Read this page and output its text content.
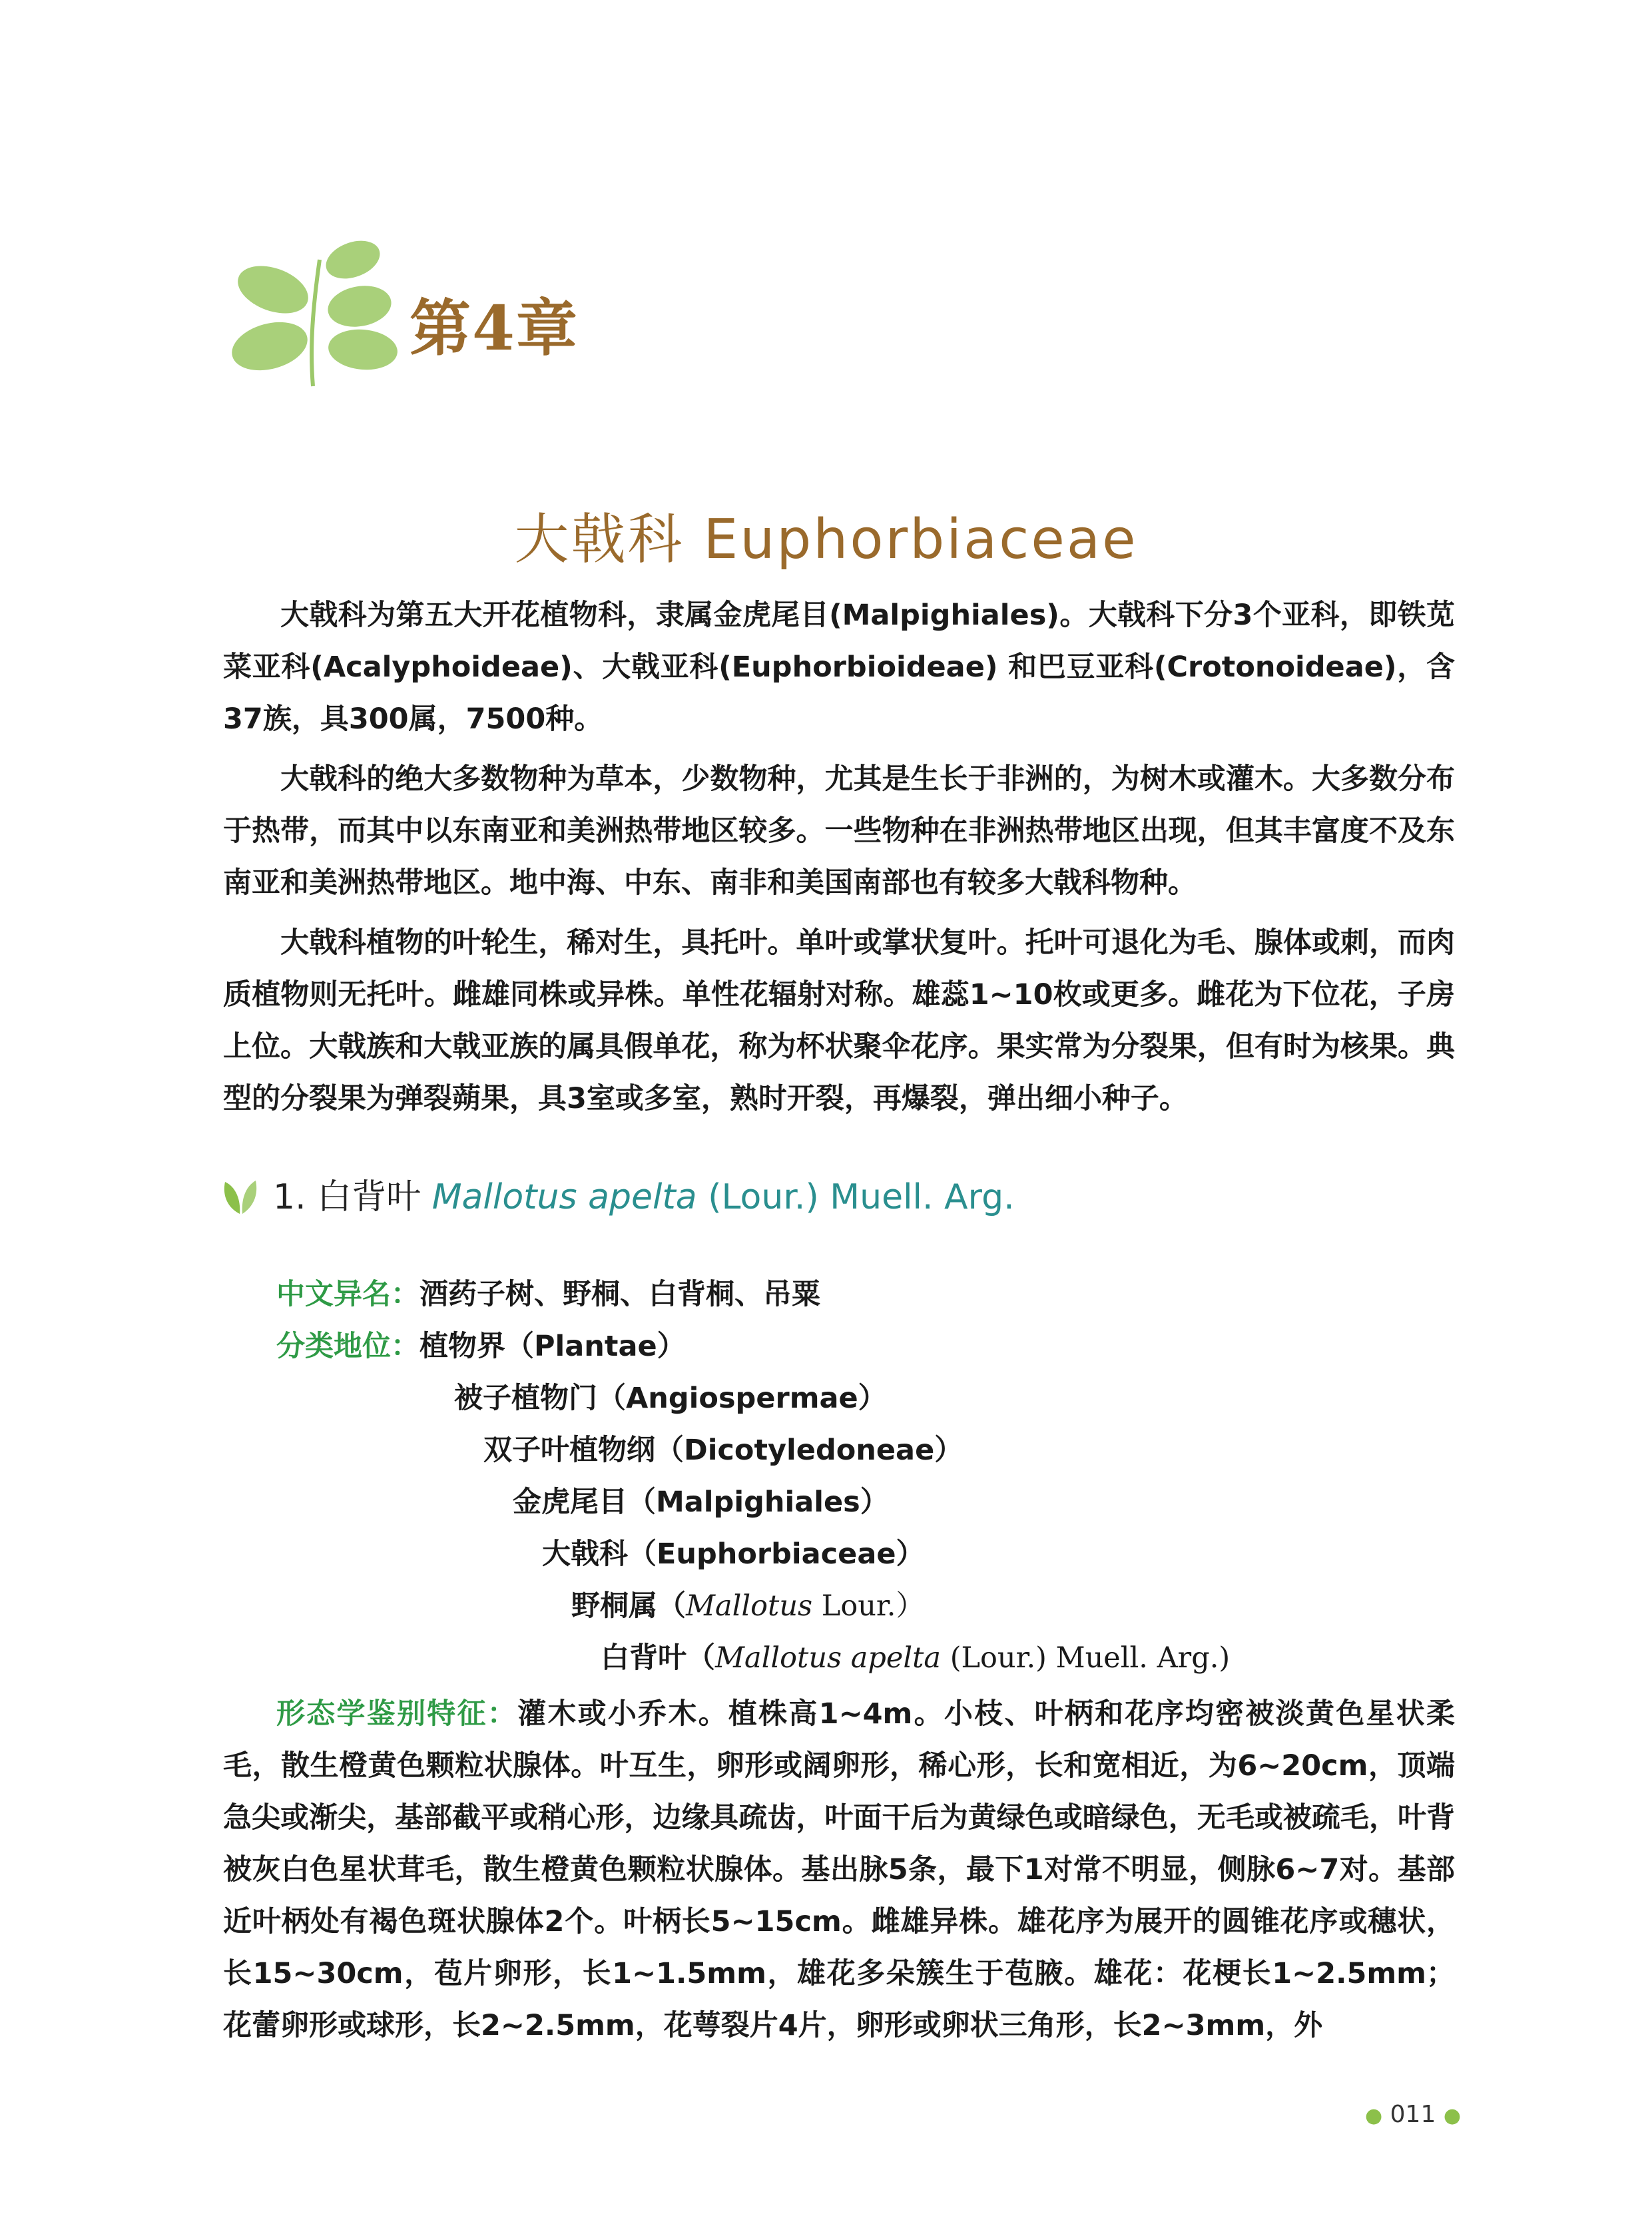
第4章
大戟科 Euphorbiaceae

大戟科为第五大开花植物科，隶属金虎尾目(Malpighiales)。大戟科下分3个亚科，即铁苋菜亚科(Acalyphoideae)、大戟亚科(Euphorbioideae) 和巴豆亚科(Crotonoideae)，含37族，具300属，7500种。

大戟科的绝大多数物种为草本，少数物种，尤其是生长于非洲的，为树木或灌木。大多数分布于热带，而其中以东南亚和美洲热带地区较多。一些物种在非洲热带地区出现，但其丰富度不及东南亚和美洲热带地区。地中海、中东、南非和美国南部也有较多大戟科物种。

大戟科植物的叶轮生，稀对生，具托叶。单叶或掌状复叶。托叶可退化为毛、腺体或刺，而肉质植物则无托叶。雌雄同株或异株。单性花辐射对称。雄蕊1~10枚或更多。雌花为下位花，子房上位。大戟族和大戟亚族的属具假单花，称为杯状聚伞花序。果实常为分裂果，但有时为核果。典型的分裂果为弹裂蒴果，具3室或多室，熟时开裂，再爆裂，弹出细小种子。

1. 白背叶 Mallotus apelta (Lour.) Muell. Arg.
中文异名：酒药子树、野桐、白背桐、吊粟
分类地位：植物界（Plantae）
被子植物门（Angiospermae）
双子叶植物纲（Dicotyledoneae）
金虎尾目（Malpighiales）
大戟科（Euphorbiaceae）
野桐属（Mallotus Lour.）
白背叶（Mallotus apelta (Lour.) Muell. Arg.)

形态学鉴别特征：灌木或小乔木。植株高1~4m。小枝、叶柄和花序均密被淡黄色星状柔毛，散生橙黄色颗粒状腺体。叶互生，卵形或阔卵形，稀心形，长和宽相近，为6~20cm，顶端急尖或渐尖，基部截平或稍心形，边缘具疏齿，叶面干后为黄绿色或暗绿色，无毛或被疏毛，叶背被灰白色星状茸毛，散生橙黄色颗粒状腺体。基出脉5条，最下1对常不明显，侧脉6~7对。基部近叶柄处有褐色斑状腺体2个。叶柄长5~15cm。雌雄异株。雄花序为展开的圆锥花序或穗状，长15~30cm，苞片卵形，长1~1.5mm，雄花多朵簇生于苞腋。雄花：花梗长1~2.5mm；花蕾卵形或球形，长2~2.5mm，花萼裂片4片，卵形或卵状三角形，长2~3mm，外

● 011 ●
